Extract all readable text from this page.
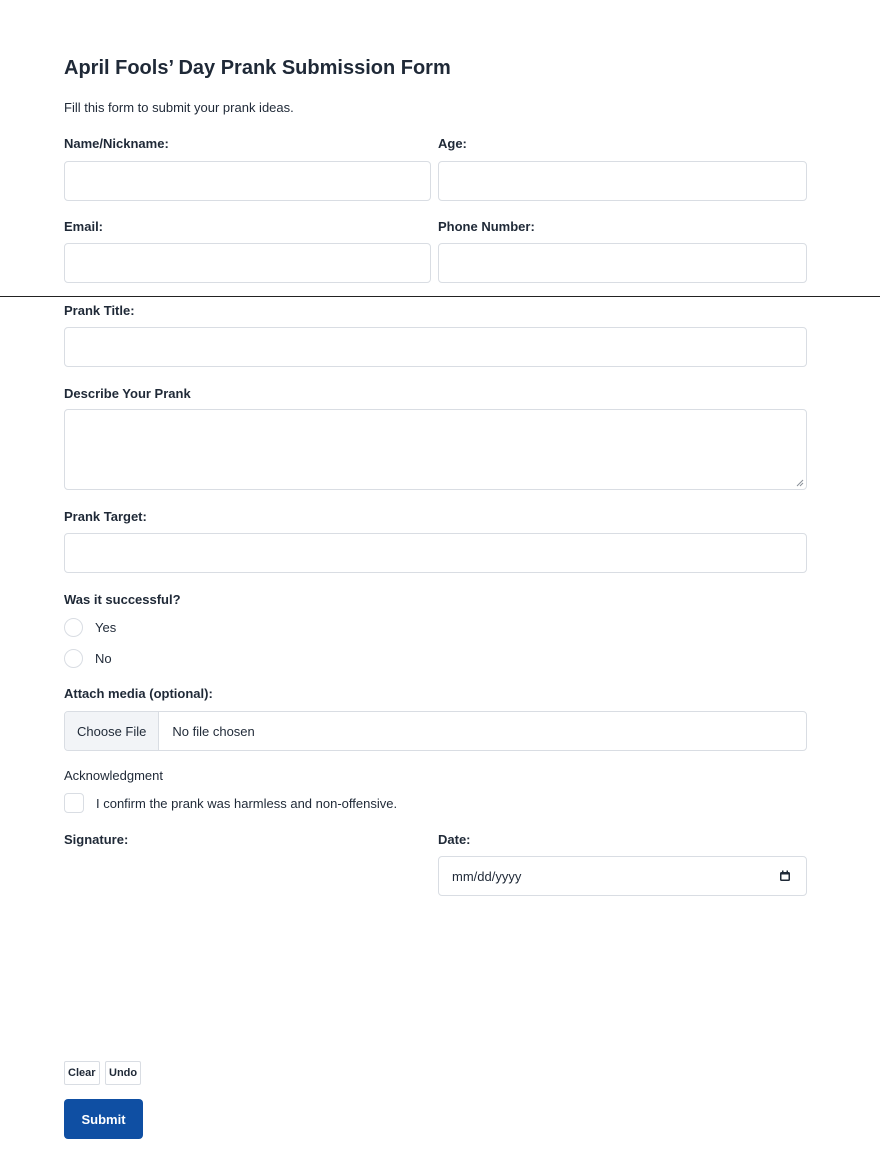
April Fools’ Day Prank Submission Form
Fill this form to submit your prank ideas.
Name/Nickname:	Age:
Email:	Phone Number:
Prank Title:
Describe Your Prank
Prank Target:
Was it successful?
Yes
No
Attach media (optional):
Choose File	No file chosen
Acknowledgment
I confirm the prank was harmless and non-offensive.
Signature:	Date:
mm/dd/yyyy
Clear	Undo
Submit
